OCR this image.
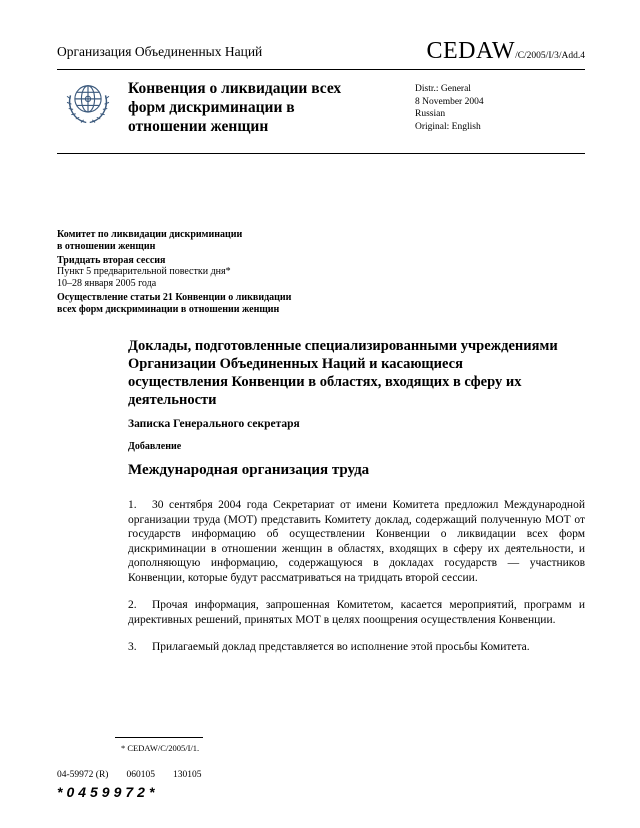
Организация Объединенных Наций	CEDAW/C/2005/I/3/Add.4
Конвенция о ликвидации всех форм дискриминации в отношении женщин
Distr.: General
8 November 2004
Russian
Original: English
Комитет по ликвидации дискриминации
в отношении женщин
Тридцать вторая сессия
Пункт 5 предварительной повестки дня*
10–28 января 2005 года
Осуществление статьи 21 Конвенции о ликвидации
всех форм дискриминации в отношении женщин
Доклады, подготовленные специализированными учреждениями Организации Объединенных Наций и касающиеся осуществления Конвенции в областях, входящих в сферу их деятельности
Записка Генерального секретаря
Добавление
Международная организация труда
1. 30 сентября 2004 года Секретариат от имени Комитета предложил Международной организации труда (МОТ) представить Комитету доклад, содержащий полученную МОТ от государств информацию об осуществлении Конвенции о ликвидации всех форм дискриминации в отношении женщин в областях, входящих в сферу их деятельности, и дополняющую информацию, содержащуюся в докладах государств — участников Конвенции, которые будут рассматриваться на тридцать второй сессии.
2. Прочая информация, запрошенная Комитетом, касается мероприятий, программ и директивных решений, принятых МОТ в целях поощрения осуществления Конвенции.
3. Прилагаемый доклад представляется во исполнение этой просьбы Комитета.
* CEDAW/C/2005/I/1.
04-59972 (R) 060105 130105
*0459972*
